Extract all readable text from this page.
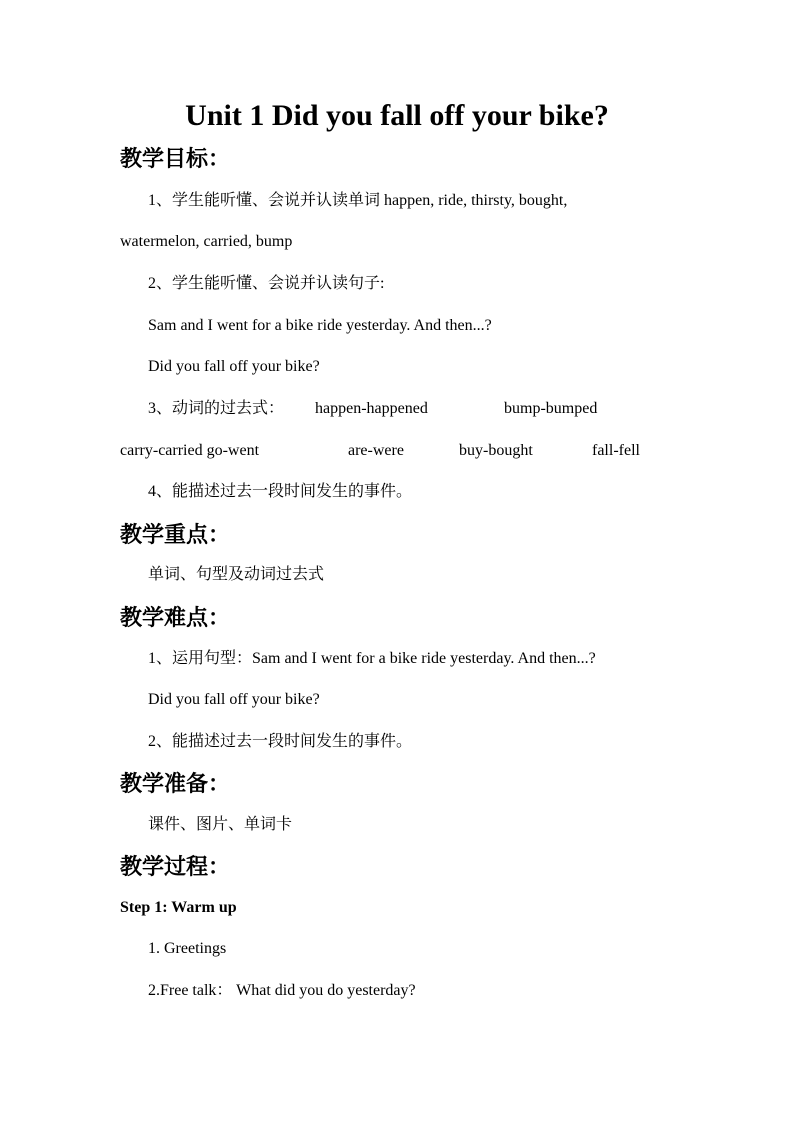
Unit 1 Did you fall off your bike?
教学目标：
1、学生能听懂、会说并认读单词 happen, ride, thirsty, bought,
watermelon, carried, bump
2、学生能听懂、会说并认读句子:
Sam and I went for a bike ride yesterday. And then...?
Did you fall off your bike?
3、动词的过去式： happen-happened	bump-bumped
carry-carried go-went	are-were	buy-bought	fall-fell
4、能描述过去一段时间发生的事件。
教学重点：
单词、句型及动词过去式
教学难点：
1、运用句型：Sam and I went for a bike ride yesterday. And then...?
Did you fall off your bike?
2、能描述过去一段时间发生的事件。
教学准备：
课件、图片、单词卡
教学过程：
Step 1: Warm up
1. Greetings
2.Free talk： What did you do yesterday?
